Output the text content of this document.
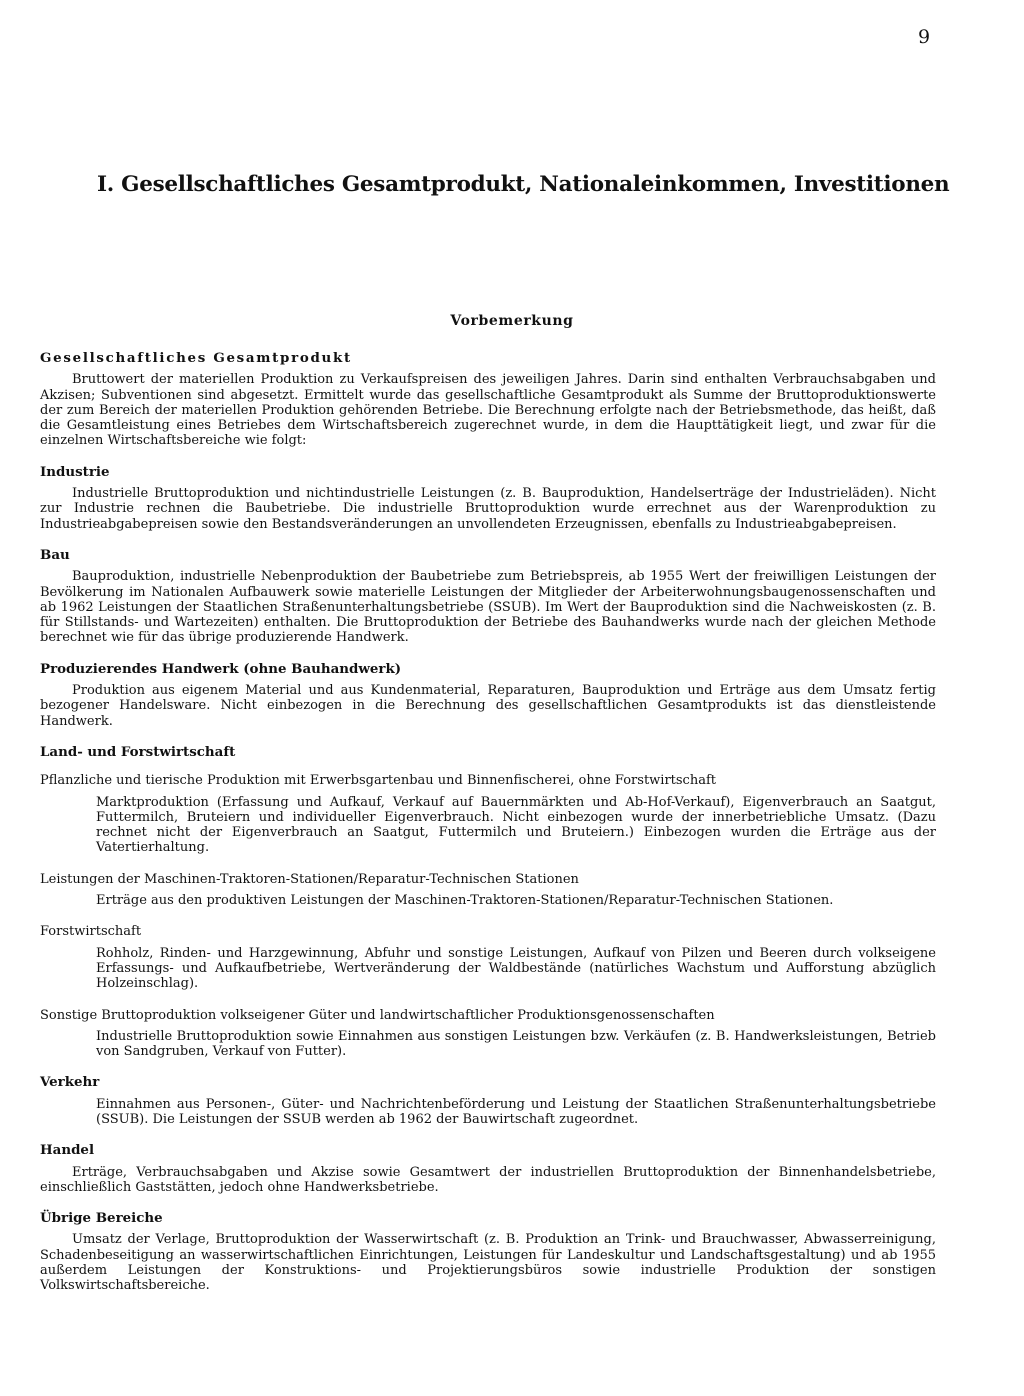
9
I. Gesellschaftliches Gesamtprodukt, Nationaleinkommen, Investitionen
Vorbemerkung
Gesellschaftliches Gesamtprodukt

Bruttowert der materiellen Produktion zu Verkaufspreisen des jeweiligen Jahres. Darin sind enthalten Verbrauchsabgaben und Akzisen; Subventionen sind abgesetzt. Ermittelt wurde das gesellschaftliche Gesamtprodukt als Summe der Bruttoproduktionswerte der zum Bereich der materiellen Produktion gehörenden Betriebe. Die Berechnung erfolgte nach der Betriebsmethode, das heißt, daß die Gesamtleistung eines Betriebes dem Wirtschaftsbereich zugerechnet wurde, in dem die Haupttätigkeit liegt, und zwar für die einzelnen Wirtschaftsbereiche wie folgt:

Industrie

Industrielle Bruttoproduktion und nichtindustrielle Leistungen (z. B. Bauproduktion, Handelserträge der Industrieläden). Nicht zur Industrie rechnen die Baubetriebe. Die industrielle Bruttoproduktion wurde errechnet aus der Warenproduktion zu Industrieabgabepreisen sowie den Bestandsveränderungen an unvollendeten Erzeugnissen, ebenfalls zu Industrieabgabepreisen.

Bau

Bauproduktion, industrielle Nebenproduktion der Baubetriebe zum Betriebspreis, ab 1955 Wert der freiwilligen Leistungen der Bevölkerung im Nationalen Aufbauwerk sowie materielle Leistungen der Mitglieder der Arbeiterwohnungsbaugenossenschaften und ab 1962 Leistungen der Staatlichen Straßenunterhaltungsbetriebe (SSUB). Im Wert der Bauproduktion sind die Nachweiskosten (z. B. für Stillstands- und Wartezeiten) enthalten. Die Bruttoproduktion der Betriebe des Bauhandwerks wurde nach der gleichen Methode berechnet wie für das übrige produzierende Handwerk.

Produzierendes Handwerk (ohne Bauhandwerk)

Produktion aus eigenem Material und aus Kundenmaterial, Reparaturen, Bauproduktion und Erträge aus dem Umsatz fertig bezogener Handelsware. Nicht einbezogen in die Berechnung des gesellschaftlichen Gesamtprodukts ist das dienstleistende Handwerk.

Land- und Forstwirtschaft
Pflanzliche und tierische Produktion mit Erwerbsgartenbau und Binnenfischerei, ohne Forstwirtschaft

Marktproduktion (Erfassung und Aufkauf, Verkauf auf Bauernmärkten und Ab-Hof-Verkauf), Eigenverbrauch an Saatgut, Futtermilch, Bruteiern und individueller Eigenverbrauch. Nicht einbezogen wurde der innerbetriebliche Umsatz. (Dazu rechnet nicht der Eigenverbrauch an Saatgut, Futtermilch und Bruteiern.) Einbezogen wurden die Erträge aus der Vatertierhaltung.

Leistungen der Maschinen-Traktoren-Stationen/Reparatur-Technischen Stationen

Erträge aus den produktiven Leistungen der Maschinen-Traktoren-Stationen/Reparatur-Technischen Stationen.

Forstwirtschaft

Rohholz, Rinden- und Harzgewinnung, Abfuhr und sonstige Leistungen, Aufkauf von Pilzen und Beeren durch volkseigene Erfassungs- und Aufkaufbetriebe, Wertveränderung der Waldbestände (natürliches Wachstum und Aufforstung abzüglich Holzeinschlag).

Sonstige Bruttoproduktion volkseigener Güter und landwirtschaftlicher Produktionsgenossenschaften

Industrielle Bruttoproduktion sowie Einnahmen aus sonstigen Leistungen bzw. Verkäufen (z. B. Handwerksleistungen, Betrieb von Sandgruben, Verkauf von Futter).

Verkehr

Einnahmen aus Personen-, Güter- und Nachrichtenbeförderung und Leistung der Staatlichen Straßenunterhaltungsbetriebe (SSUB). Die Leistungen der SSUB werden ab 1962 der Bauwirtschaft zugeordnet.

Handel

Erträge, Verbrauchsabgaben und Akzise sowie Gesamtwert der industriellen Bruttoproduktion der Binnenhandelsbetriebe, einschließlich Gaststätten, jedoch ohne Handwerksbetriebe.

Übrige Bereiche

Umsatz der Verlage, Bruttoproduktion der Wasserwirtschaft (z. B. Produktion an Trink- und Brauchwasser, Abwasserreinigung, Schadenbeseitigung an wasserwirtschaftlichen Einrichtungen, Leistungen für Landeskultur und Landschaftsgestaltung) und ab 1955 außerdem Leistungen der Konstruktions- und Projektierungsbüros sowie industrielle Produktion der sonstigen Volkswirtschaftsbereiche.
